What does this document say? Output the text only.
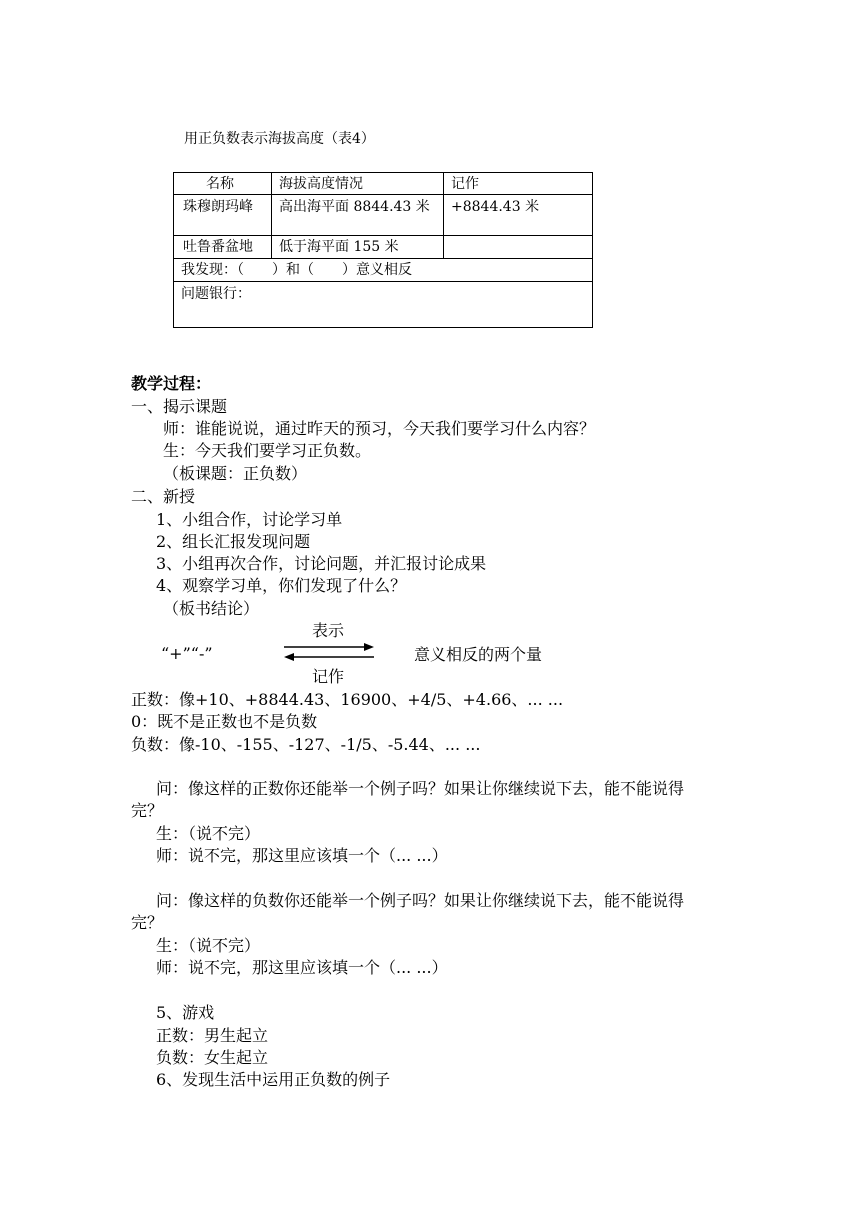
用正负数表示海拔高度（表4）
名称	海拔高度情况	记作
珠穆朗玛峰 高出海平面 8844.43 米 +8844.43 米
吐鲁番盆地 低于海平面 155 米
我发现：（　　）和（　　）意义相反
问题银行：
教学过程：
一、揭示课题
师：谁能说说，通过昨天的预习，今天我们要学习什么内容？
生：今天我们要学习正负数。
（板课题：正负数）
二、新授
1、小组合作，讨论学习单
2、组长汇报发现问题
3、小组再次合作，讨论问题，并汇报讨论成果
4、观察学习单，你们发现了什么？
（板书结论）
“+”“-”
表示
记作
意义相反的两个量
正数：像+10、+8844.43、16900、+4/5、+4.66、... ...
0：既不是正数也不是负数
负数：像-10、-155、-127、-1/5、-5.44、... ...
问：像这样的正数你还能举一个例子吗？如果让你继续说下去，能不能说得
完？
生：（说不完）
师：说不完，那这里应该填一个（... ...）
问：像这样的负数你还能举一个例子吗？如果让你继续说下去，能不能说得
完？
生：（说不完）
师：说不完，那这里应该填一个（... ...）
5、游戏
正数：男生起立
负数：女生起立
6、发现生活中运用正负数的例子
